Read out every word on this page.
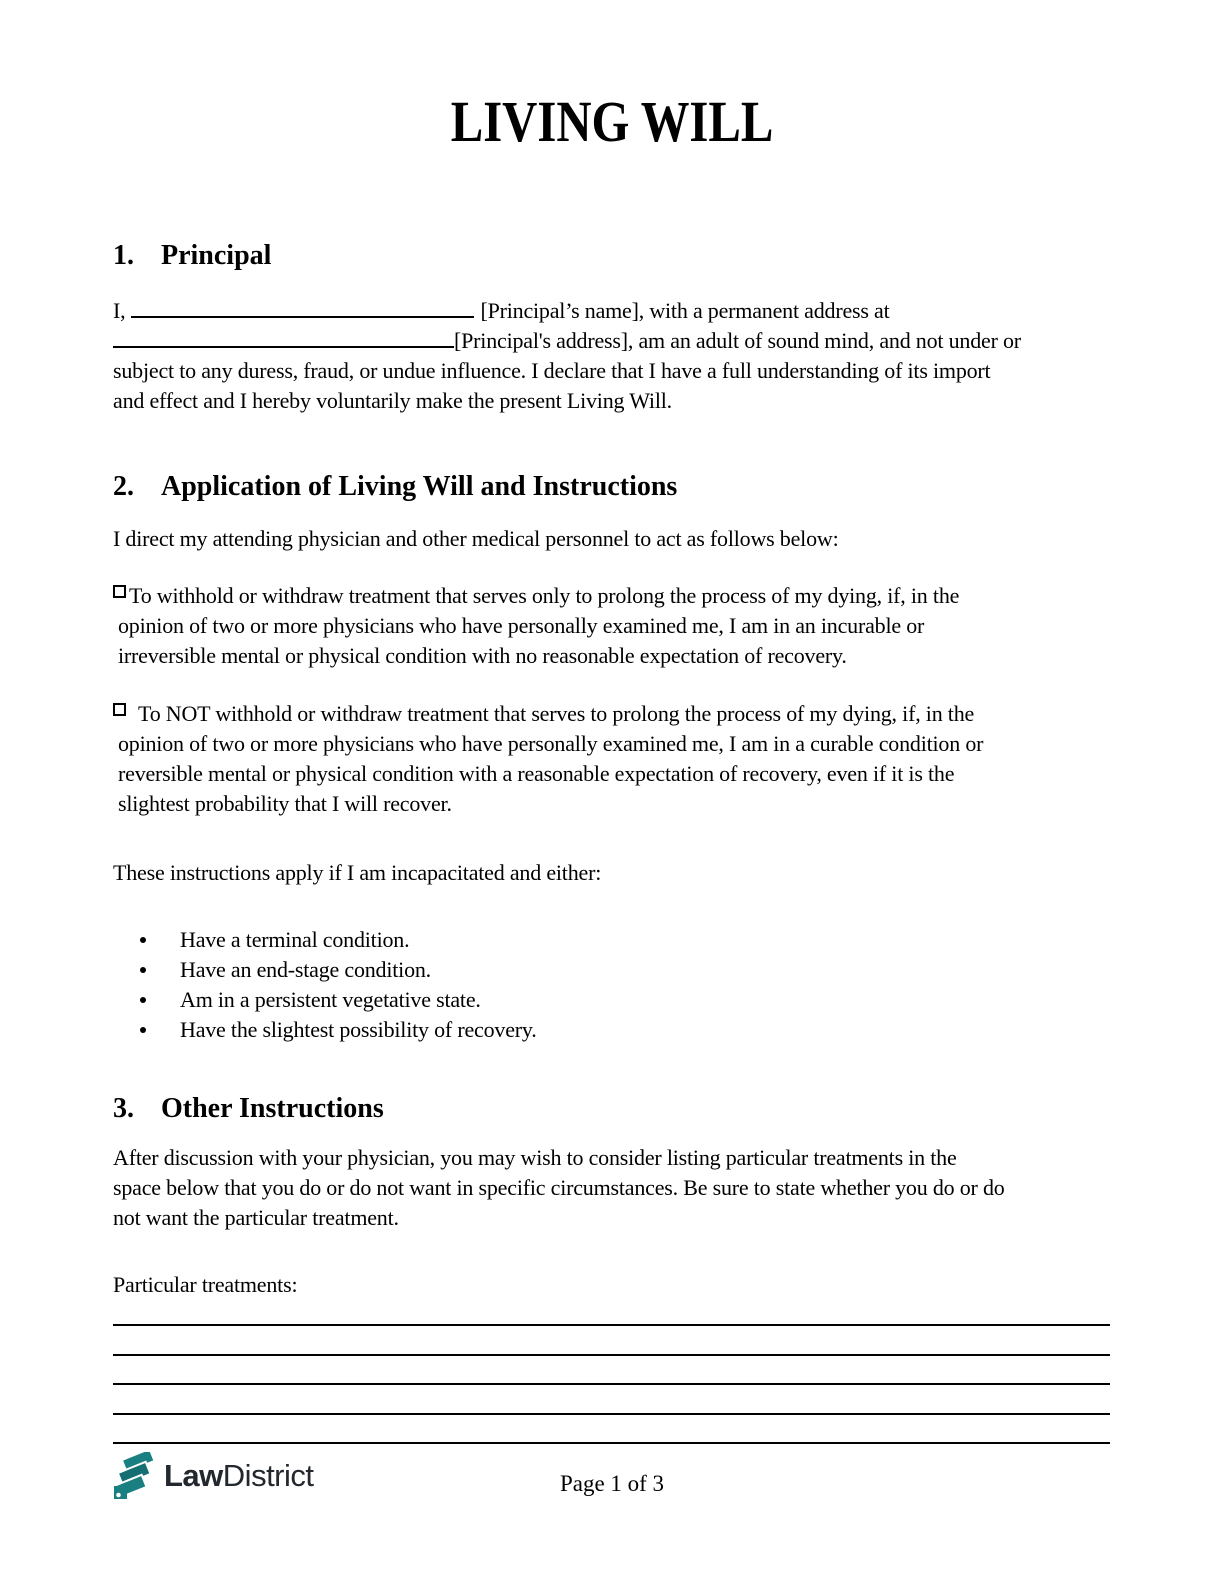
LIVING WILL
1. Principal
I,	[Principal’s name], with a permanent address at
[Principal's address], am an adult of sound mind, and not under or
subject to any duress, fraud, or undue influence. I declare that I have a full understanding of its import
and effect and I hereby voluntarily make the present Living Will.
2. Application of Living Will and Instructions
I direct my attending physician and other medical personnel to act as follows below:
To withhold or withdraw treatment that serves only to prolong the process of my dying, if, in the
opinion of two or more physicians who have personally examined me, I am in an incurable or
irreversible mental or physical condition with no reasonable expectation of recovery.
To NOT withhold or withdraw treatment that serves to prolong the process of my dying, if, in the
opinion of two or more physicians who have personally examined me, I am in a curable condition or
reversible mental or physical condition with a reasonable expectation of recovery, even if it is the
slightest probability that I will recover.
These instructions apply if I am incapacitated and either:
Have a terminal condition.
Have an end-stage condition.
Am in a persistent vegetative state.
Have the slightest possibility of recovery.
3. Other Instructions
After discussion with your physician, you may wish to consider listing particular treatments in the
space below that you do or do not want in specific circumstances. Be sure to state whether you do or do
not want the particular treatment.
Particular treatments:
LawDistrict	Page 1 of 3
